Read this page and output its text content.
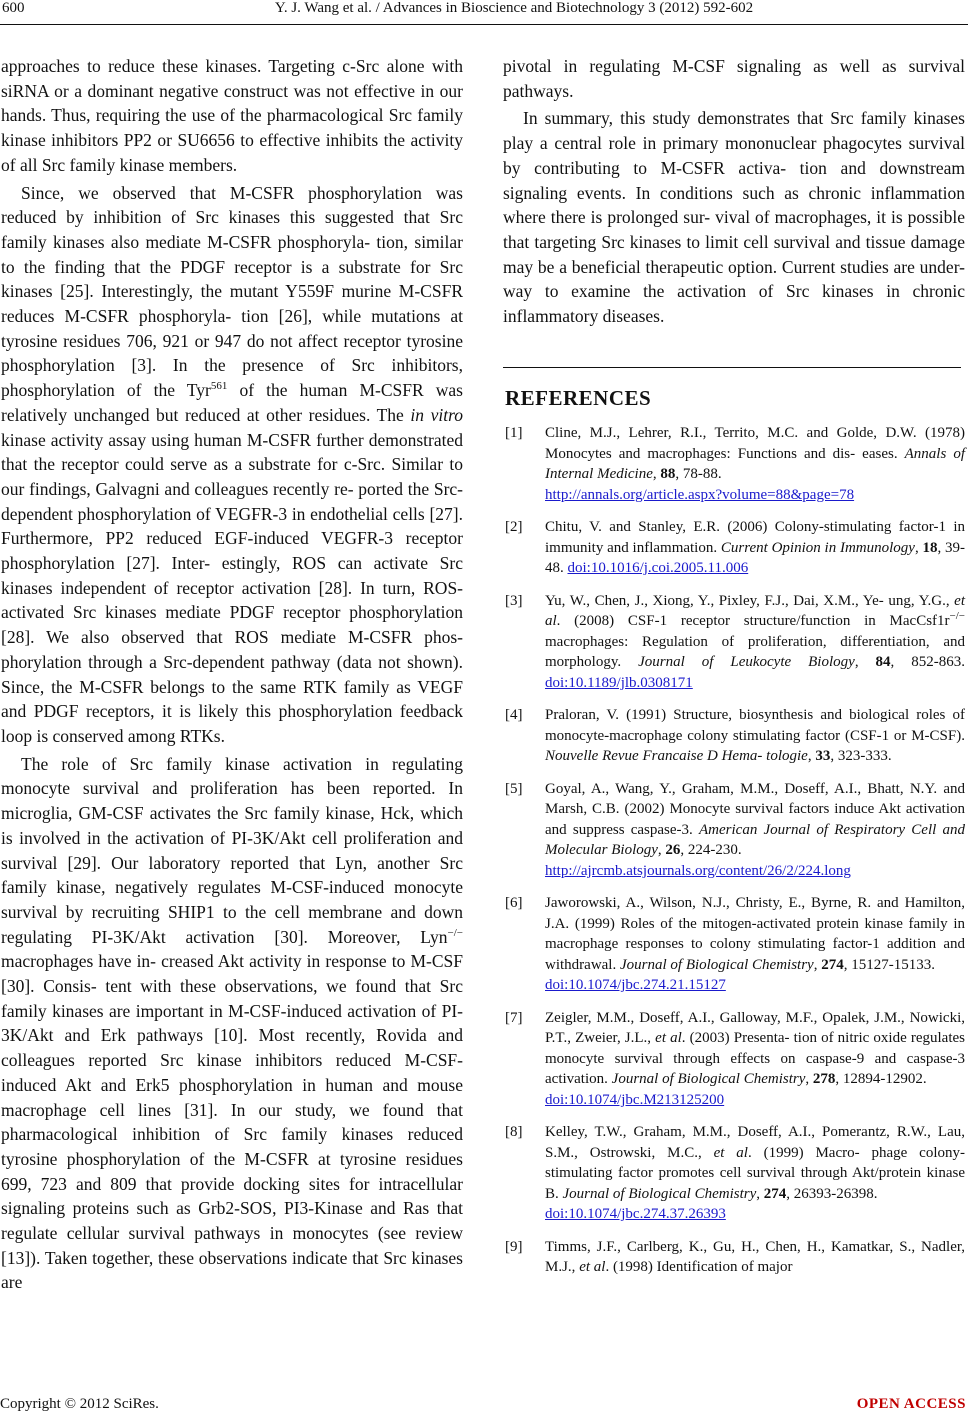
600	Y. J. Wang et al. / Advances in Bioscience and Biotechnology 3 (2012) 592-602

approaches to reduce these kinases. Targeting c-Src alone with siRNA or a dominant negative construct was not effective in our hands. Thus, requiring the use of the pharmacological Src family kinase inhibitors PP2 or SU6656 to effective inhibits the activity of all Src family kinase members.

Since, we observed that M-CSFR phosphorylation was reduced by inhibition of Src kinases this suggested that Src family kinases also mediate M-CSFR phosphoryla- tion, similar to the finding that the PDGF receptor is a substrate for Src kinases [25]. Interestingly, the mutant Y559F murine M-CSFR reduces M-CSFR phosphoryla- tion [26], while mutations at tyrosine residues 706, 921 or 947 do not affect receptor tyrosine phosphorylation [3]. In the presence of Src inhibitors, phosphorylation of the Tyr$^{561}$ of the human M-CSFR was relatively unchanged but reduced at other residues. The in vitro kinase activity assay using human M-CSFR further demonstrated that the receptor could serve as a substrate for c-Src. Similar to our findings, Galvagni and colleagues recently re- ported the Src-dependent phosphorylation of VEGFR-3 in endothelial cells [27]. Furthermore, PP2 reduced EGF-induced VEGFR-3 receptor phosphorylation [27]. Inter- estingly, ROS can activate Src kinases independent of receptor activation [28]. In turn, ROS-activated Src kinases mediate PDGF receptor phosphorylation [28]. We also observed that ROS mediate M-CSFR phos- phorylation through a Src-dependent pathway (data not shown). Since, the M-CSFR belongs to the same RTK family as VEGF and PDGF receptors, it is likely this phosphorylation feedback loop is conserved among RTKs.

The role of Src family kinase activation in regulating monocyte survival and proliferation has been reported. In microglia, GM-CSF activates the Src family kinase, Hck, which is involved in the activation of PI-3K/Akt cell proliferation and survival [29]. Our laboratory reported that Lyn, another Src family kinase, negatively regulates M-CSF-induced monocyte survival by recruiting SHIP1 to the cell membrane and down regulating PI-3K/Akt activation [30]. Moreover, Lyn−/− macrophages have in- creased Akt activity in response to M-CSF [30]. Consis- tent with these observations, we found that Src family kinases are important in M-CSF-induced activation of PI-3K/Akt and Erk pathways [10]. Most recently, Rovida and colleagues reported Src kinase inhibitors reduced M-CSF-induced Akt and Erk5 phosphorylation in human and mouse macrophage cell lines [31]. In our study, we found that pharmacological inhibition of Src family kinases reduced tyrosine phosphorylation of the M-CSFR at tyrosine residues 699, 723 and 809 that provide docking sites for intracellular signaling proteins such as Grb2-SOS, PI3-Kinase and Ras that regulate cellular survival pathways in monocytes (see review [13]). Taken together, these observations indicate that Src kinases are

pivotal in regulating M-CSF signaling as well as survival pathways.

In summary, this study demonstrates that Src family kinases play a central role in primary mononuclear phagocytes survival by contributing to M-CSFR activa- tion and downstream signaling events. In conditions such as chronic inflammation where there is prolonged sur- vival of macrophages, it is possible that targeting Src kinases to limit cell survival and tissue damage may be a beneficial therapeutic option. Current studies are under- way to examine the activation of Src kinases in chronic inflammatory diseases.

REFERENCES
[1] Cline, M.J., Lehrer, R.I., Territo, M.C. and Golde, D.W. (1978) Monocytes and macrophages: Functions and dis- eases. Annals of Internal Medicine, 88, 78-88.
http://annals.org/article.aspx?volume=88&page=78
[2] Chitu, V. and Stanley, E.R. (2006) Colony-stimulating factor-1 in immunity and inflammation. Current Opinion in Immunology, 18, 39-48. doi:10.1016/j.coi.2005.11.006
[3] Yu, W., Chen, J., Xiong, Y., Pixley, F.J., Dai, X.M., Ye- ung, Y.G., et al. (2008) CSF-1 receptor structure/function in MacCsf1r−/− macrophages: Regulation of proliferation, differentiation, and morphology. Journal of Leukocyte Biology, 84, 852-863. doi:10.1189/jlb.0308171
[4] Praloran, V. (1991) Structure, biosynthesis and biological roles of monocyte-macrophage colony stimulating factor (CSF-1 or M-CSF). Nouvelle Revue Francaise D Hema- tologie, 33, 323-333.
[5] Goyal, A., Wang, Y., Graham, M.M., Doseff, A.I., Bhatt, N.Y. and Marsh, C.B. (2002) Monocyte survival factors induce Akt activation and suppress caspase-3. American Journal of Respiratory Cell and Molecular Biology, 26, 224-230.
http://ajrcmb.atsjournals.org/content/26/2/224.long
[6] Jaworowski, A., Wilson, N.J., Christy, E., Byrne, R. and Hamilton, J.A. (1999) Roles of the mitogen-activated protein kinase family in macrophage responses to colony stimulating factor-1 addition and withdrawal. Journal of Biological Chemistry, 274, 15127-15133.
doi:10.1074/jbc.274.21.15127
[7] Zeigler, M.M., Doseff, A.I., Galloway, M.F., Opalek, J.M., Nowicki, P.T., Zweier, J.L., et al. (2003) Presenta- tion of nitric oxide regulates monocyte survival through effects on caspase-9 and caspase-3 activation. Journal of Biological Chemistry, 278, 12894-12902.
doi:10.1074/jbc.M213125200
[8] Kelley, T.W., Graham, M.M., Doseff, A.I., Pomerantz, R.W., Lau, S.M., Ostrowski, M.C., et al. (1999) Macro- phage colony-stimulating factor promotes cell survival through Akt/protein kinase B. Journal of Biological Chemistry, 274, 26393-26398.
doi:10.1074/jbc.274.37.26393
[9] Timms, J.F., Carlberg, K., Gu, H., Chen, H., Kamatkar, S., Nadler, M.J., et al. (1998) Identification of major
Copyright © 2012 SciRes.	OPEN ACCESS
